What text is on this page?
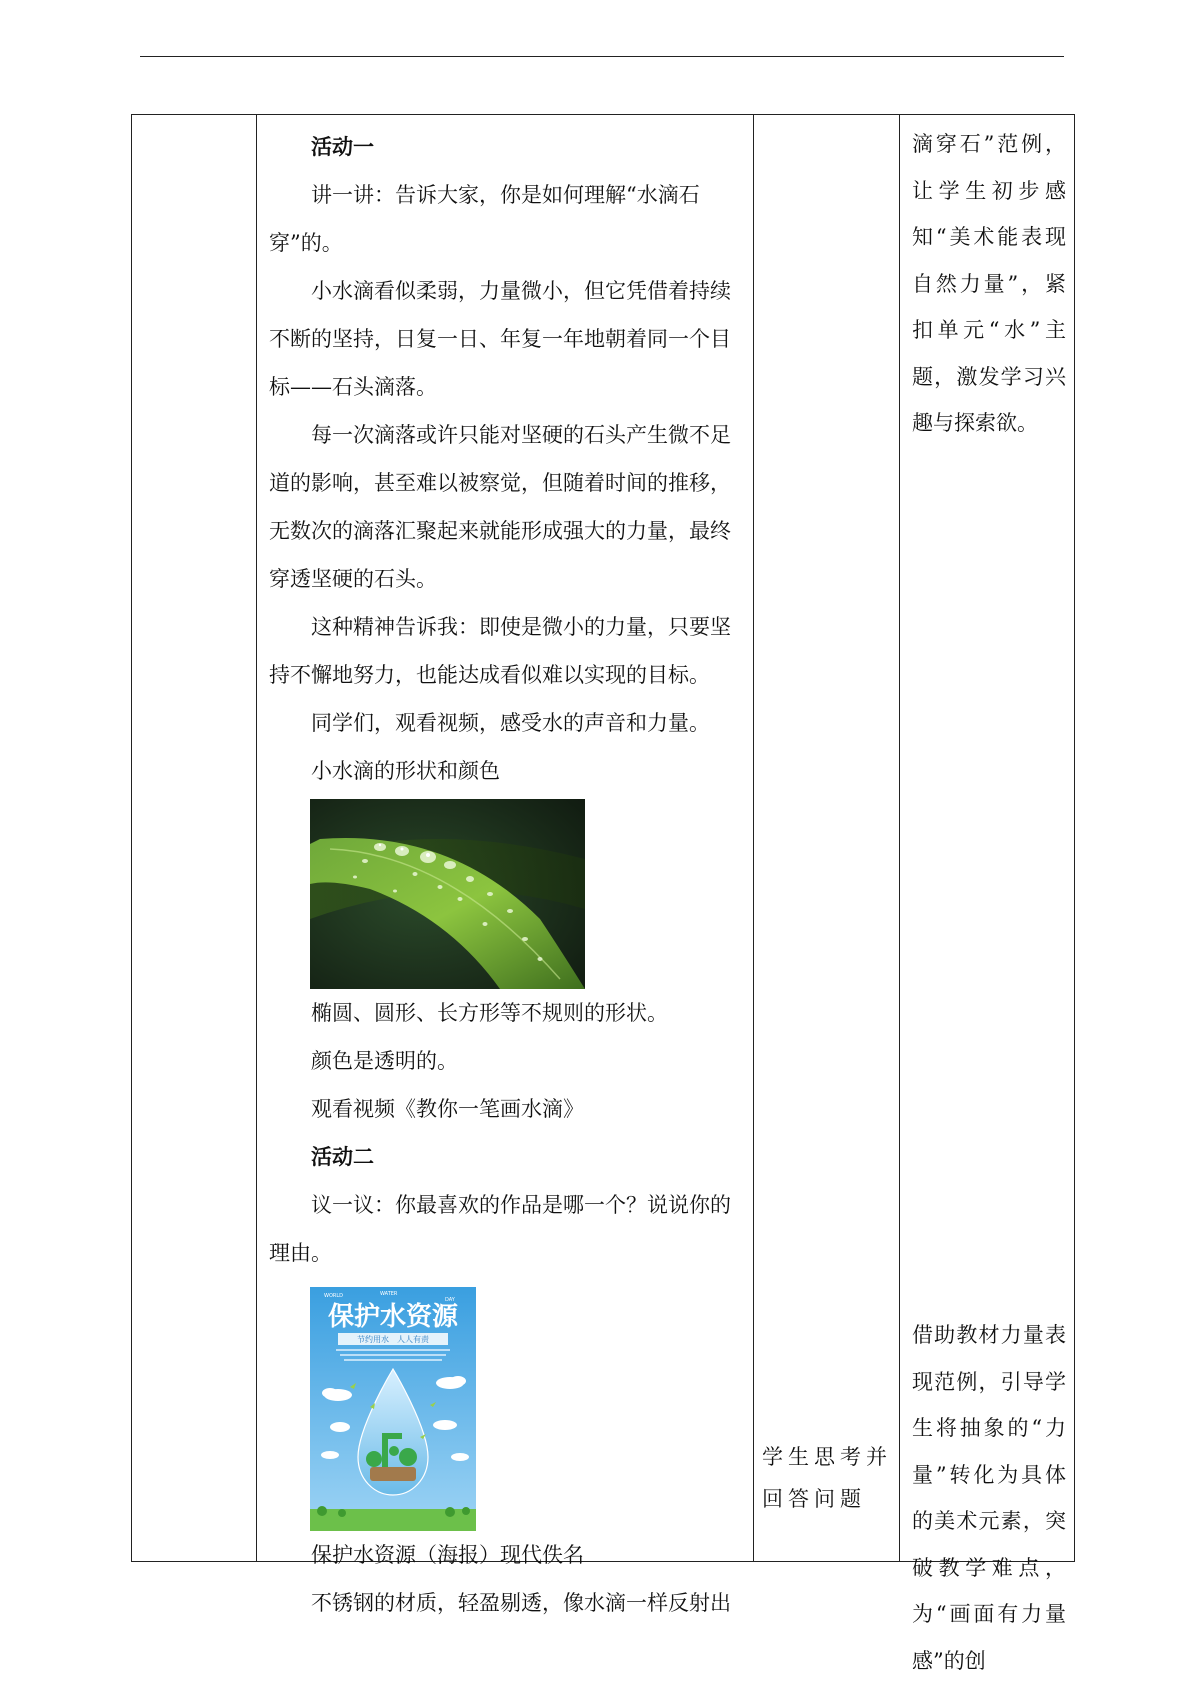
活动一

讲一讲：告诉大家，你是如何理解“水滴石穿”的。

小水滴看似柔弱，力量微小，但它凭借着持续不断的坚持，日复一日、年复一年地朝着同一个目标——石头滴落。

每一次滴落或许只能对坚硬的石头产生微不足道的影响，甚至难以被察觉，但随着时间的推移，无数次的滴落汇聚起来就能形成强大的力量，最终穿透坚硬的石头。

这种精神告诉我：即使是微小的力量，只要坚持不懈地努力，也能达成看似难以实现的目标。

同学们，观看视频，感受水的声音和力量。

小水滴的形状和颜色

椭圆、圆形、长方形等不规则的形状。

颜色是透明的。

观看视频《教你一笔画水滴》

活动二

议一议：你最喜欢的作品是哪一个？说说你的理由。

WORLD	WATER
DAY
保护水资源
节约用水　人人有责

保护水资源（海报）现代佚名

不锈钢的材质，轻盈剔透，像水滴一样反射出

学生思考并回答问题

滴穿石”范例，让学生初步感知“美术能表现自然力量”，紧扣单元“水”主题，激发学习兴趣与探索欲。

借助教材力量表现范例，引导学生将抽象的“力量”转化为具体的美术元素，突破教学难点，为“画面有力量感”的创
